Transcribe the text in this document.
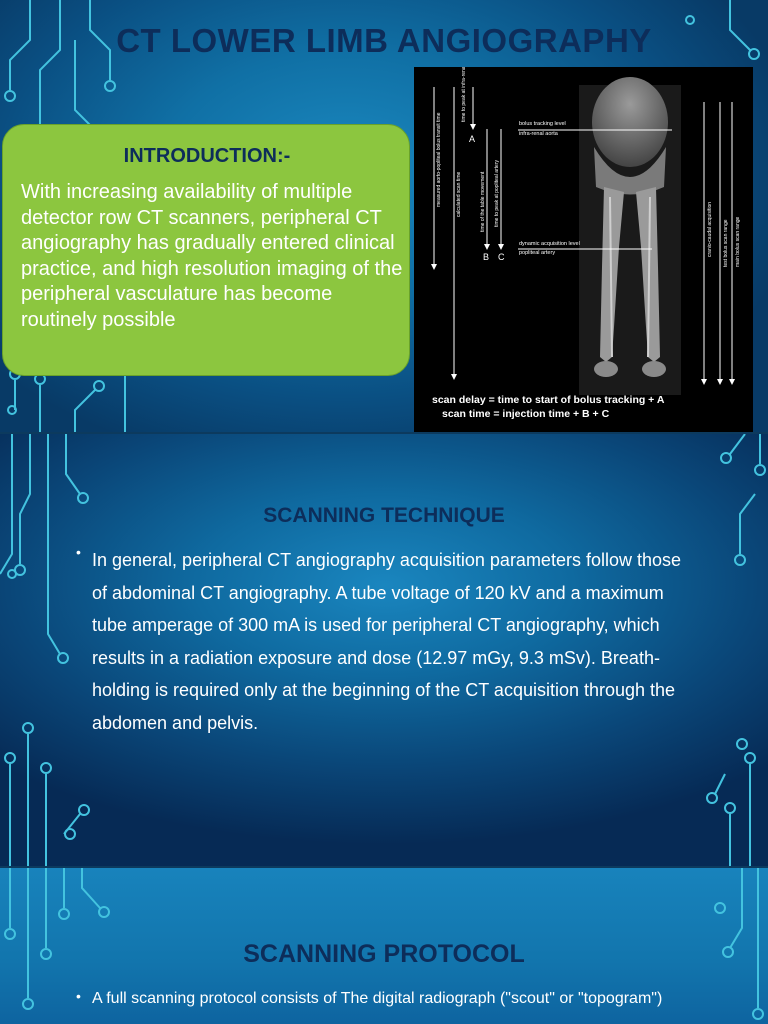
CT LOWER LIMB ANGIOGRAPHY
INTRODUCTION:-

With increasing availability of multiple detector row CT scanners, peripheral CT angiography has gradually entered clinical practice, and high resolution imaging of the peripheral vasculature has become routinely possible

bolus tracking level
infra-renal aorta
dynamic acquisition level
popliteal artery
measured aorto-popliteal bolus transit time	calculated scan time
time to peak at infra-renal aorta
time of the table movement time to peak at popliteal artery
cranio-caudal acquisition test bolus scan range main bolus scan range
A
B C
scan delay = time to start of bolus tracking + A
scan time = injection time + B + C
SCANNING TECHNIQUE
• In general, peripheral CT angiography acquisition parameters follow those of abdominal CT angiography. A tube voltage of 120 kV and a maximum tube amperage of 300 mA is used for peripheral CT angiography, which results in a radiation exposure and dose (12.97 mGy, 9.3 mSv). Breath-holding is required only at the beginning of the CT acquisition through the abdomen and pelvis.

SCANNING PROTOCOL
• A full scanning protocol consists of The digital radiograph ("scout" or "topogram")
